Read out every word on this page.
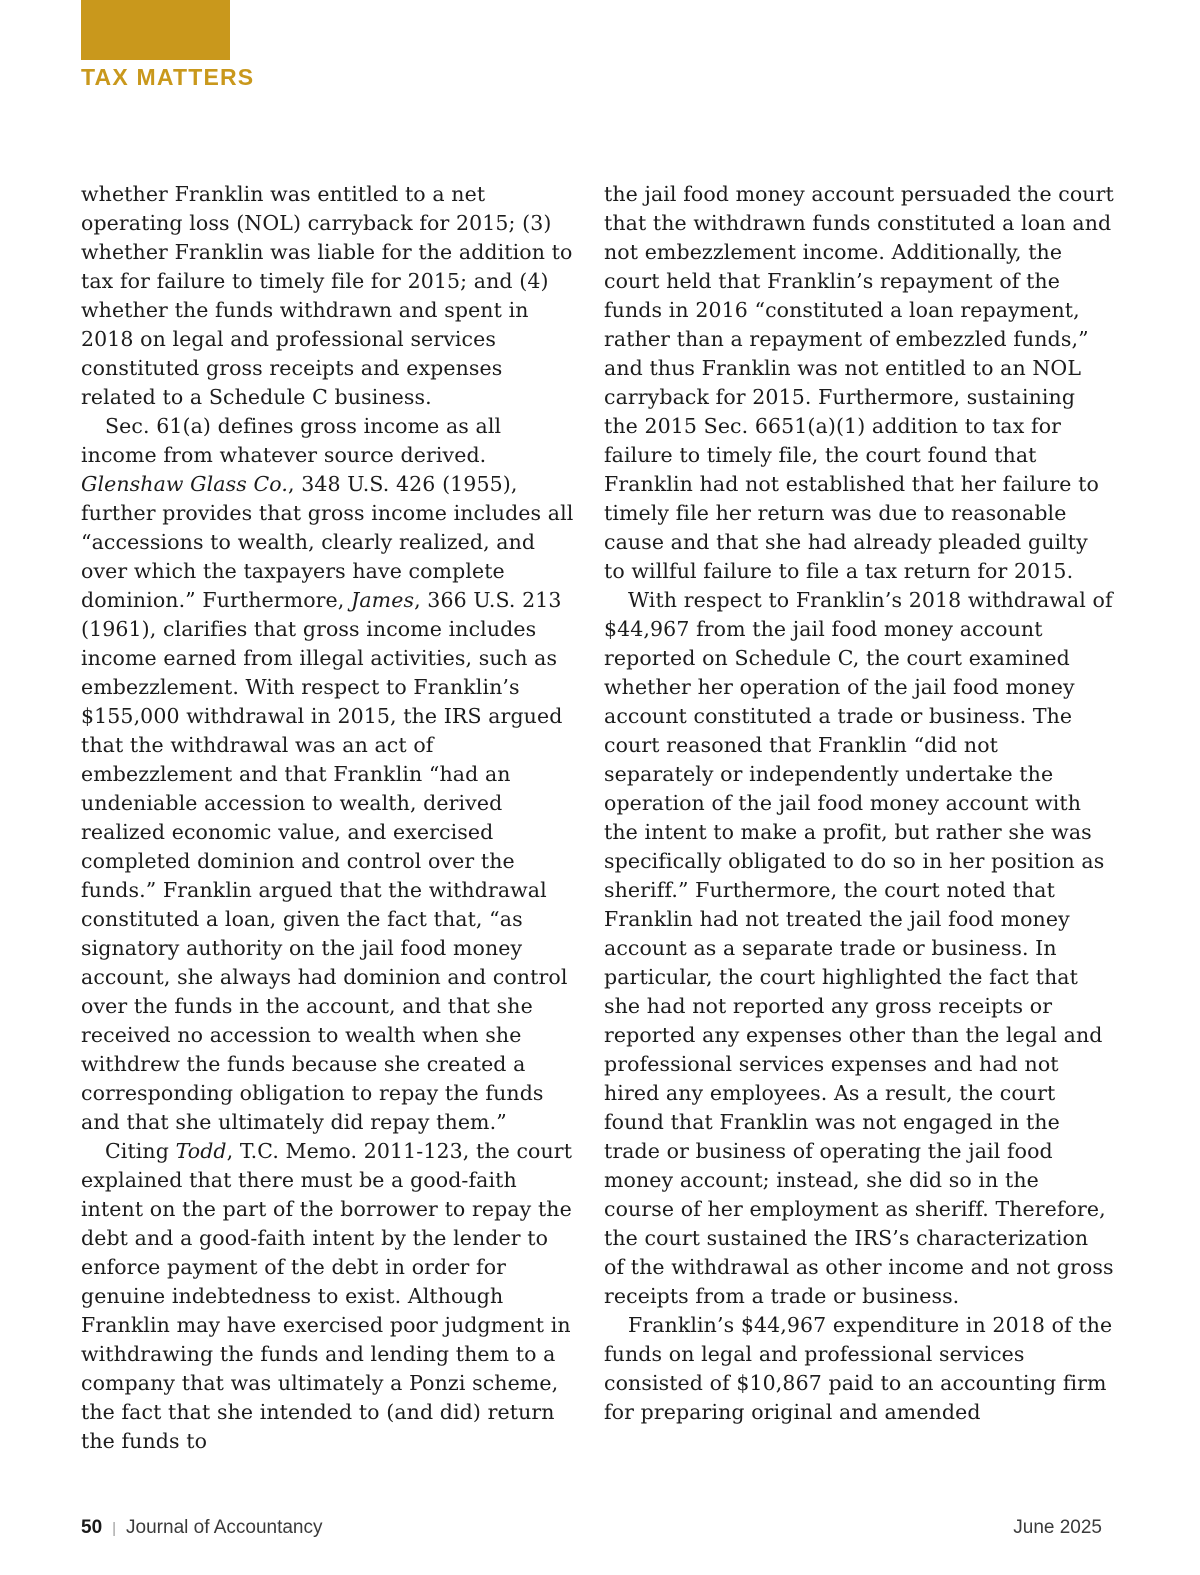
TAX MATTERS

whether Franklin was entitled to a net operating loss (NOL) carryback for 2015; (3) whether Franklin was liable for the addition to tax for failure to timely file for 2015; and (4) whether the funds withdrawn and spent in 2018 on legal and professional services constituted gross receipts and expenses related to a Schedule C business.

Sec. 61(a) defines gross income as all income from whatever source derived. Glenshaw Glass Co., 348 U.S. 426 (1955), further provides that gross income includes all “accessions to wealth, clearly realized, and over which the taxpayers have complete dominion.” Furthermore, James, 366 U.S. 213 (1961), clarifies that gross income includes income earned from illegal activities, such as embezzlement. With respect to Franklin’s $155,000 withdrawal in 2015, the IRS argued that the withdrawal was an act of embezzlement and that Franklin “had an undeniable accession to wealth, derived realized economic value, and exercised completed dominion and control over the funds.” Franklin argued that the withdrawal constituted a loan, given the fact that, “as signatory authority on the jail food money account, she always had dominion and control over the funds in the account, and that she received no accession to wealth when she withdrew the funds because she created a corresponding obligation to repay the funds and that she ultimately did repay them.”

Citing Todd, T.C. Memo. 2011-123, the court explained that there must be a good-faith intent on the part of the borrower to repay the debt and a good-faith intent by the lender to enforce payment of the debt in order for genuine indebtedness to exist. Although Franklin may have exercised poor judgment in withdrawing the funds and lending them to a company that was ultimately a Ponzi scheme, the fact that she intended to (and did) return the funds to

the jail food money account persuaded the court that the withdrawn funds constituted a loan and not embezzlement income. Additionally, the court held that Franklin’s repayment of the funds in 2016 “constituted a loan repayment, rather than a repayment of embezzled funds,” and thus Franklin was not entitled to an NOL carryback for 2015. Furthermore, sustaining the 2015 Sec. 6651(a)(1) addition to tax for failure to timely file, the court found that Franklin had not established that her failure to timely file her return was due to reasonable cause and that she had already pleaded guilty to willful failure to file a tax return for 2015.

With respect to Franklin’s 2018 withdrawal of $44,967 from the jail food money account reported on Schedule C, the court examined whether her operation of the jail food money account constituted a trade or business. The court reasoned that Franklin “did not separately or independently undertake the operation of the jail food money account with the intent to make a profit, but rather she was specifically obligated to do so in her position as sheriff.” Furthermore, the court noted that Franklin had not treated the jail food money account as a separate trade or business. In particular, the court highlighted the fact that she had not reported any gross receipts or reported any expenses other than the legal and professional services expenses and had not hired any employees. As a result, the court found that Franklin was not engaged in the trade or business of operating the jail food money account; instead, she did so in the course of her employment as sheriff. Therefore, the court sustained the IRS’s characterization of the withdrawal as other income and not gross receipts from a trade or business.

Franklin’s $44,967 expenditure in 2018 of the funds on legal and professional services consisted of $10,867 paid to an accounting firm for preparing original and amended

50 | Journal of Accountancy	June 2025
